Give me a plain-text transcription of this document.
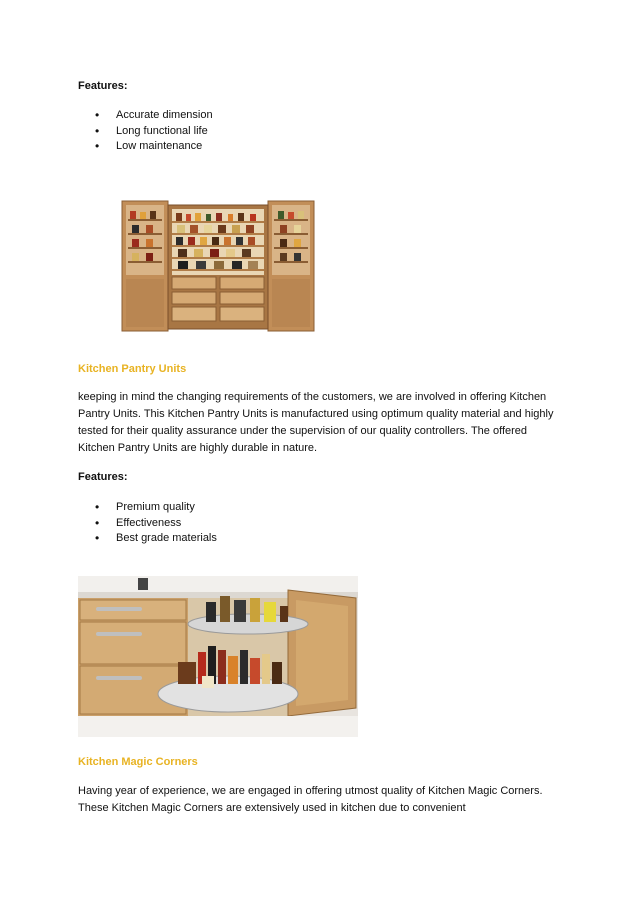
Features:
• Accurate dimension
• Long functional life
• Low maintenance
Kitchen Pantry Units

keeping in mind the changing requirements of the customers, we are involved in offering Kitchen Pantry Units. This Kitchen Pantry Units is manufactured using optimum quality material and highly tested for their quality assurance under the supervision of our quality controllers. The offered Kitchen Pantry Units are highly durable in nature.

Features:
• Premium quality
• Effectiveness
• Best grade materials
Kitchen Magic Corners

Having year of experience, we are engaged in offering utmost quality of Kitchen Magic Corners. These Kitchen Magic Corners are extensively used in kitchen due to convenient
